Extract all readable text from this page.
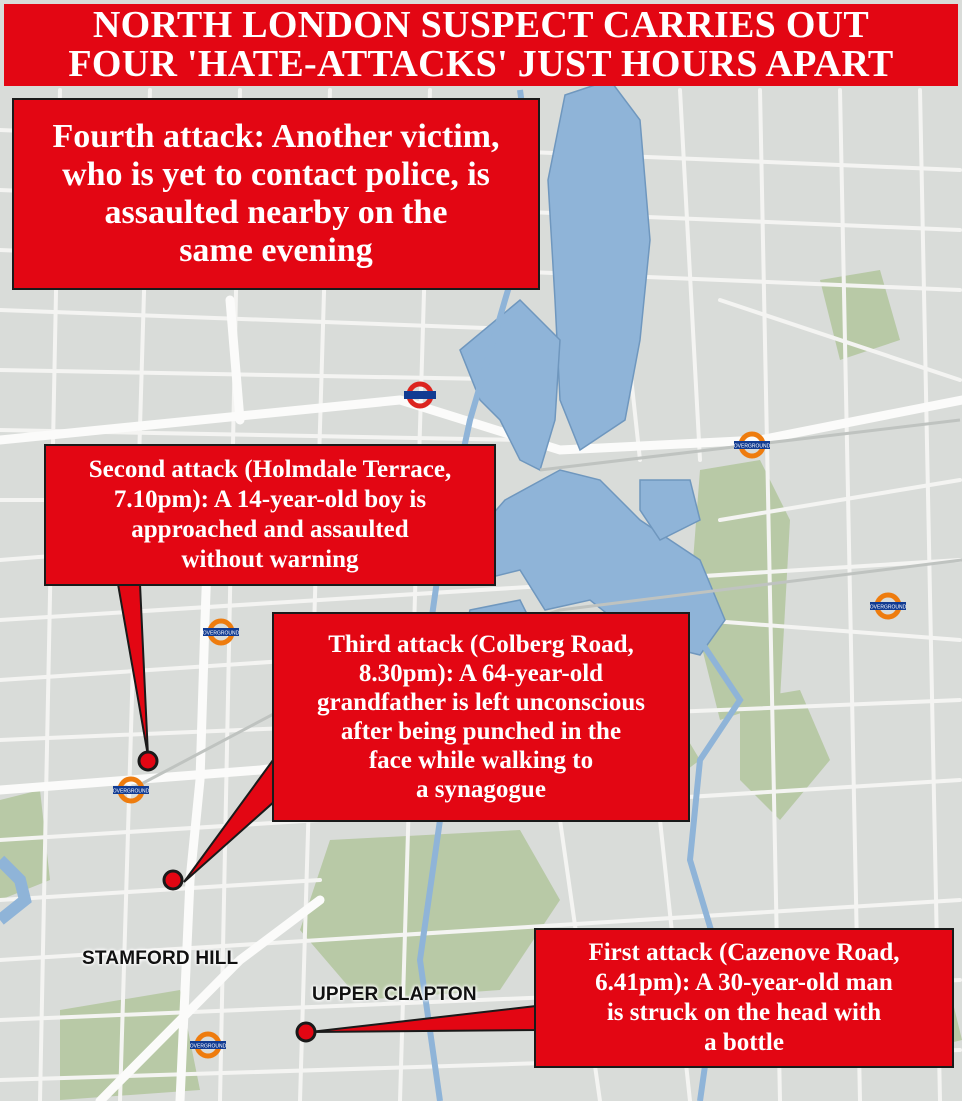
OVERGROUND
OVERGROUND
OVERGROUND
OVERGROUND
OVERGROUND
NORTH LONDON SUSPECT CARRIES OUT
FOUR 'HATE-ATTACKS' JUST HOURS APART
Fourth attack: Another victim,
who is yet to contact police, is
assaulted nearby on the
same evening
Second attack (Holmdale Terrace,
7.10pm): A 14-year-old boy is
approached and assaulted
without warning
Third attack (Colberg Road,
8.30pm): A 64-year-old
grandfather is left unconscious
after being punched in the
face while walking to
a synagogue
First attack (Cazenove Road,
6.41pm): A 30-year-old man
is struck on the head with
a bottle
STAMFORD HILL
UPPER CLAPTON
